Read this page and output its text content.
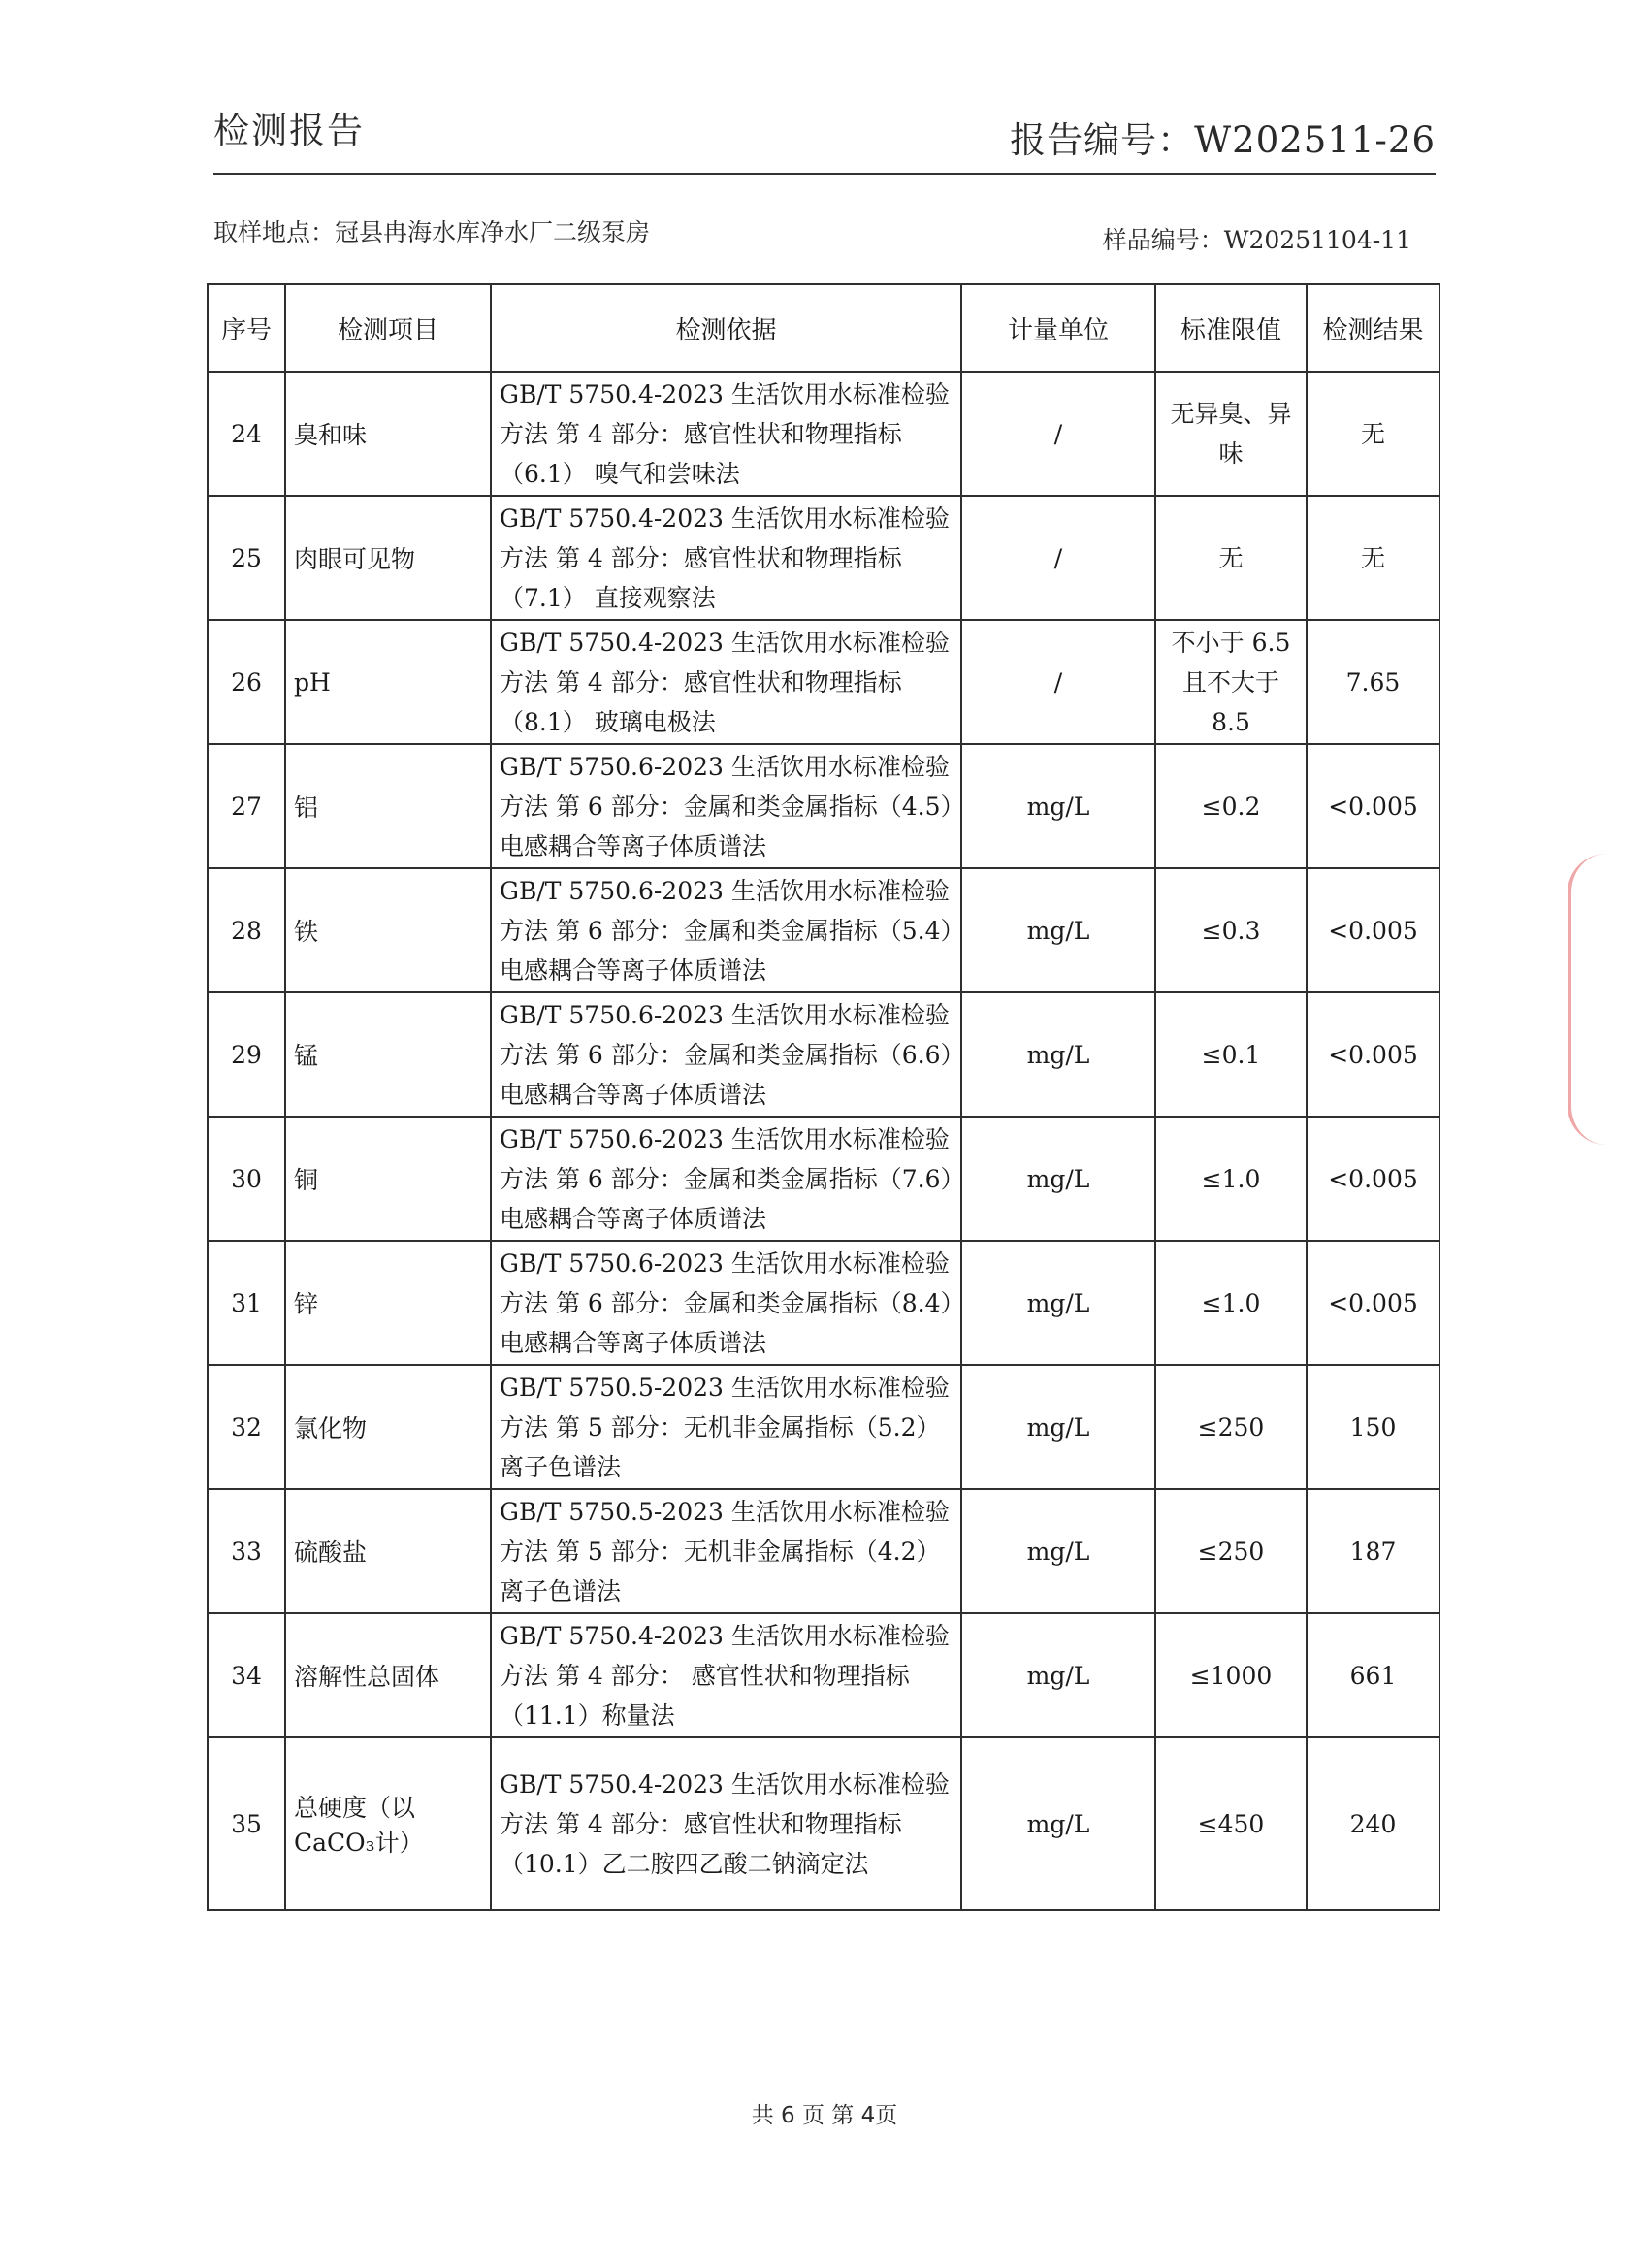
检测报告	报告编号：W202511-26
取样地点：冠县冉海水库净水厂二级泵房	样品编号：W20251104-11
序号	检测项目	检测依据	计量单位	标准限值	检测结果
24	臭和味	GB/T 5750.4-2023 生活饮用水标准检验方法 第 4 部分：感官性状和物理指标（6.1） 嗅气和尝味法	/	无异臭、异味	无
25	肉眼可见物	GB/T 5750.4-2023 生活饮用水标准检验方法 第 4 部分：感官性状和物理指标（7.1） 直接观察法	/	无	无
26	pH	GB/T 5750.4-2023 生活饮用水标准检验方法 第 4 部分：感官性状和物理指标（8.1） 玻璃电极法	/	不小于 6.5 且不大于 8.5	7.65
27	铝	GB/T 5750.6-2023 生活饮用水标准检验方法 第 6 部分：金属和类金属指标（4.5）电感耦合等离子体质谱法	mg/L	≤0.2	<0.005
28	铁	GB/T 5750.6-2023 生活饮用水标准检验方法 第 6 部分：金属和类金属指标（5.4）电感耦合等离子体质谱法	mg/L	≤0.3	<0.005
29	锰	GB/T 5750.6-2023 生活饮用水标准检验方法 第 6 部分：金属和类金属指标（6.6）电感耦合等离子体质谱法	mg/L	≤0.1	<0.005
30	铜	GB/T 5750.6-2023 生活饮用水标准检验方法 第 6 部分：金属和类金属指标（7.6）电感耦合等离子体质谱法	mg/L	≤1.0	<0.005
31	锌	GB/T 5750.6-2023 生活饮用水标准检验方法 第 6 部分：金属和类金属指标（8.4）电感耦合等离子体质谱法	mg/L	≤1.0	<0.005
32	氯化物	GB/T 5750.5-2023 生活饮用水标准检验方法 第 5 部分：无机非金属指标（5.2）离子色谱法	mg/L	≤250	150
33	硫酸盐	GB/T 5750.5-2023 生活饮用水标准检验方法 第 5 部分：无机非金属指标（4.2）离子色谱法	mg/L	≤250	187
34	溶解性总固体	GB/T 5750.4-2023 生活饮用水标准检验方法 第 4 部分： 感官性状和物理指标（11.1）称量法	mg/L	≤1000	661
35	总硬度（以CaCO₃计）	GB/T 5750.4-2023 生活饮用水标准检验方法 第 4 部分：感官性状和物理指标 （10.1）乙二胺四乙酸二钠滴定法	mg/L	≤450	240
共 6 页 第 4页
